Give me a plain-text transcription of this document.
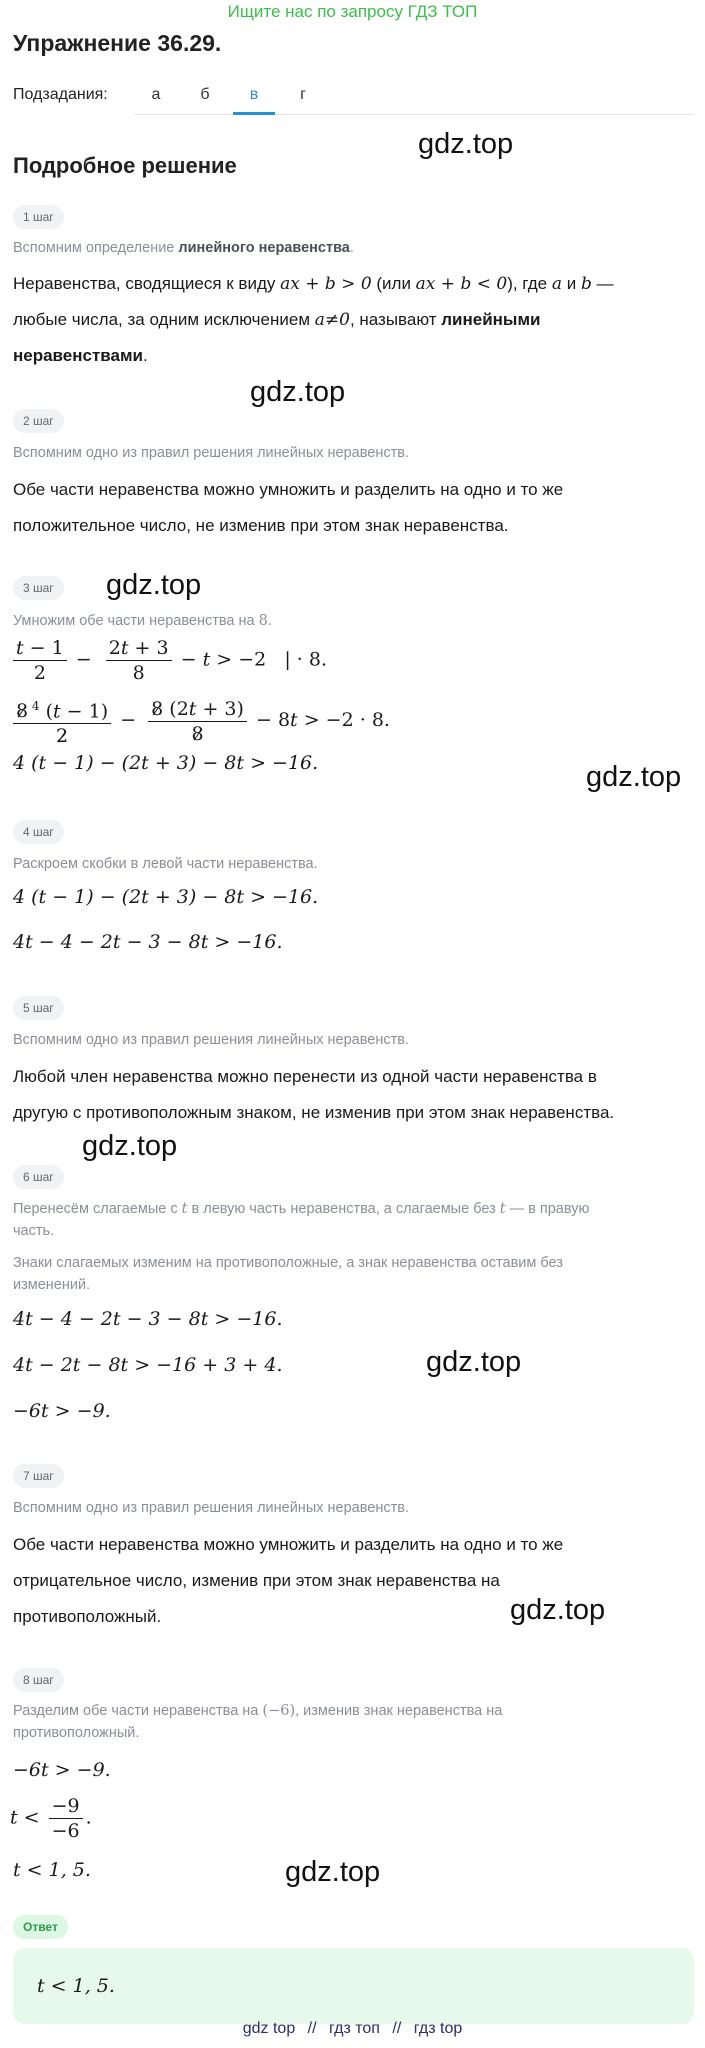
Ищите нас по запросу ГДЗ ТОП
Упражнение 36.29.
Подзадания:	а	б	в	г
Подробное решение
gdz.top
gdz.top
gdz.top
gdz.top
gdz.top
gdz.top
gdz.top
gdz.top
1 шаг
Вспомним определение линейного неравенства.
Неравенства, сводящиеся к виду ax + b > 0 (или ax + b < 0), где a и b —
любые числа, за одним исключением a≠0, называют линейными
неравенствами.
2 шаг
Вспомним одно из правил решения линейных неравенств.
Обе части неравенства можно умножить и разделить на одно и то же
положительное число, не изменив при этом знак неравенства.
3 шаг
Умножим обе части неравенства на 8.
$\frac{t - 1}{2} - \frac{2t + 3}{8} - t > -2$   | · 8.
$\frac{8 ^4 (t - 1)}{2} - \frac{8 (2t + 3)}{8} - 8t > -2 \cdot 8$.
4 (t − 1) − (2t + 3) − 8t > −16.
4 шаг
Раскроем скобки в левой части неравенства.
4 (t − 1) − (2t + 3) − 8t > −16.
4t − 4 − 2t − 3 − 8t > −16.
5 шаг
Вспомним одно из правил решения линейных неравенств.
Любой член неравенства можно перенести из одной части неравенства в
другую с противоположным знаком, не изменив при этом знак неравенства.
6 шаг
Перенесём слагаемые с t в левую часть неравенства, а слагаемые без t — в правую
часть.
Знаки слагаемых изменим на противоположные, а знак неравенства оставим без
изменений.
4t − 4 − 2t − 3 − 8t > −16.
4t − 2t − 8t > −16 + 3 + 4.
−6t > −9.
7 шаг
Вспомним одно из правил решения линейных неравенств.
Обе части неравенства можно умножить и разделить на одно и то же
отрицательное число, изменив при этом знак неравенства на
противоположный.
8 шаг
Разделим обе части неравенства на (−6), изменив знак неравенства на
противоположный.
−6t > −9.
$t < \frac{-9}{-6}$ .
t < 1, 5.
Ответ
t < 1, 5.
gdz top // гдз топ // гдз top
